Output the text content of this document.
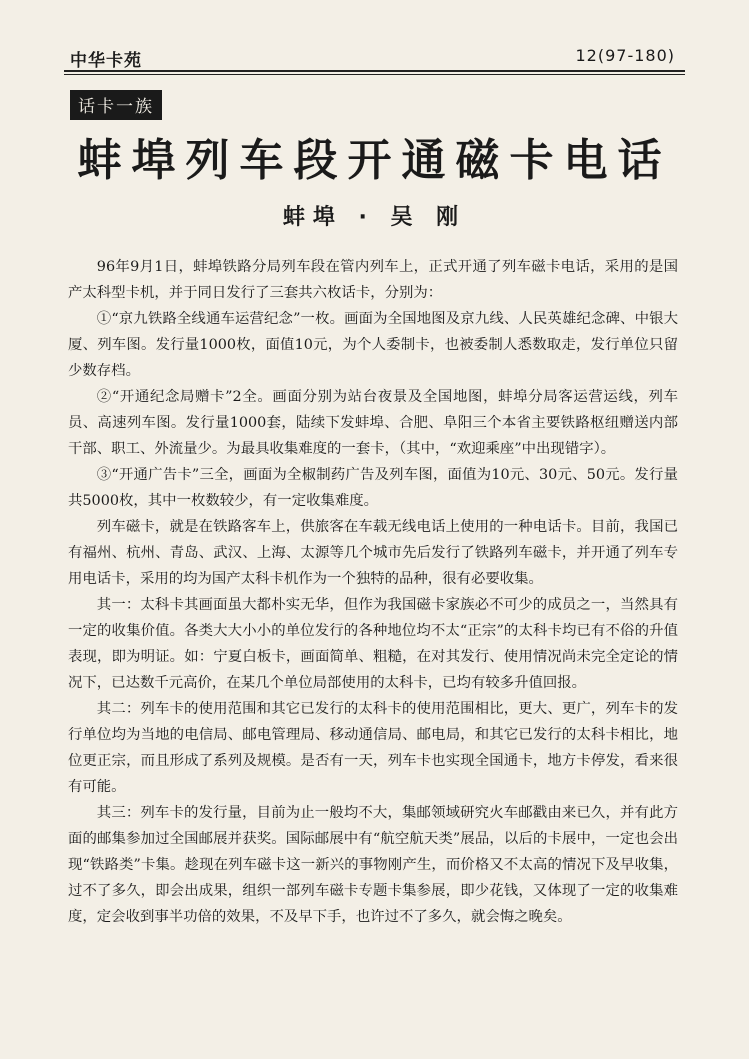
中华卡苑	12(97-180)
话卡一族
蚌埠列车段开通磁卡电话
蚌埠 · 吴 刚

96年9月1日，蚌埠铁路分局列车段在管内列车上，正式开通了列车磁卡电话，采用的是国产太科型卡机，并于同日发行了三套共六枚话卡，分别为：

①“京九铁路全线通车运营纪念”一枚。画面为全国地图及京九线、人民英雄纪念碑、中银大厦、列车图。发行量1000枚，面值10元，为个人委制卡，也被委制人悉数取走，发行单位只留少数存档。

②“开通纪念局赠卡”2全。画面分别为站台夜景及全国地图，蚌埠分局客运营运线，列车员、高速列车图。发行量1000套，陆续下发蚌埠、合肥、阜阳三个本省主要铁路枢纽赠送内部干部、职工、外流量少。为最具收集难度的一套卡，（其中，“欢迎乘座”中出现错字）。

③“开通广告卡”三全，画面为全椒制药广告及列车图，面值为10元、30元、50元。发行量共5000枚，其中一枚数较少，有一定收集难度。

列车磁卡，就是在铁路客车上，供旅客在车载无线电话上使用的一种电话卡。目前，我国已有福州、杭州、青岛、武汉、上海、太源等几个城市先后发行了铁路列车磁卡，并开通了列车专用电话卡，采用的均为国产太科卡机作为一个独特的品种，很有必要收集。

其一：太科卡其画面虽大都朴实无华，但作为我国磁卡家族必不可少的成员之一，当然具有一定的收集价值。各类大大小小的单位发行的各种地位均不太“正宗”的太科卡均已有不俗的升值表现，即为明证。如：宁夏白板卡，画面简单、粗糙，在对其发行、使用情况尚未完全定论的情况下，已达数千元高价，在某几个单位局部使用的太科卡，已均有较多升值回报。

其二：列车卡的使用范围和其它已发行的太科卡的使用范围相比，更大、更广，列车卡的发行单位均为当地的电信局、邮电管理局、移动通信局、邮电局，和其它已发行的太科卡相比，地位更正宗，而且形成了系列及规模。是否有一天，列车卡也实现全国通卡，地方卡停发，看来很有可能。

其三：列车卡的发行量，目前为止一般均不大，集邮领域研究火车邮戳由来已久，并有此方面的邮集参加过全国邮展并获奖。国际邮展中有“航空航天类”展品，以后的卡展中，一定也会出现“铁路类”卡集。趁现在列车磁卡这一新兴的事物刚产生，而价格又不太高的情况下及早收集，过不了多久，即会出成果，组织一部列车磁卡专题卡集参展，即少花钱，又体现了一定的收集难度，定会收到事半功倍的效果，不及早下手，也许过不了多久，就会悔之晚矣。
